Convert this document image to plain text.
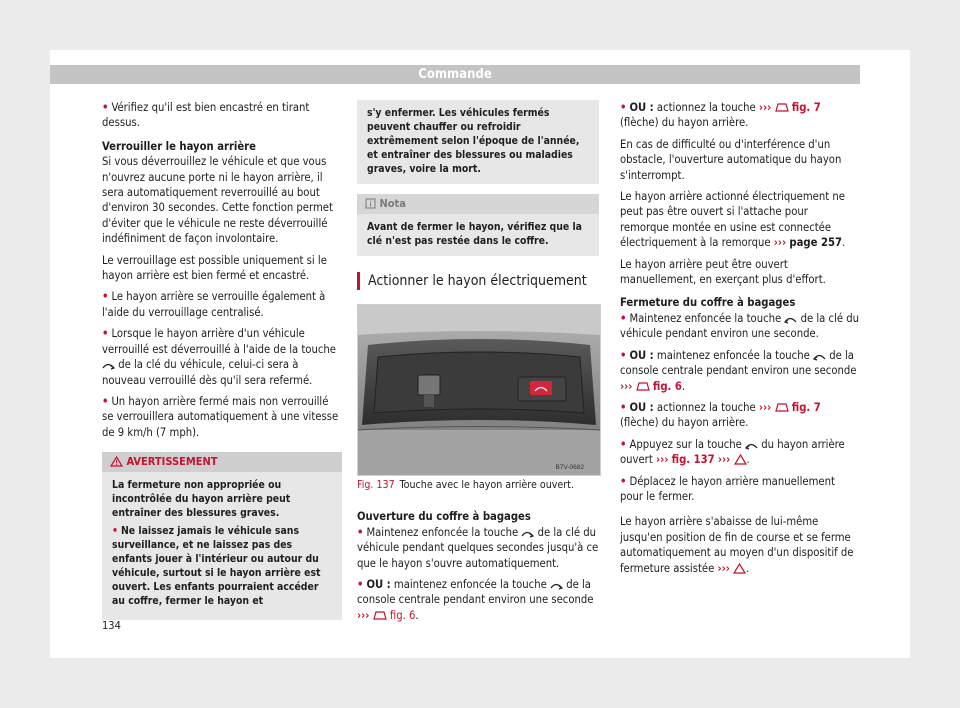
Commande

• Vérifiez qu'il est bien encastré en tirant dessus.

Verrouiller le hayon arrière

Si vous déverrouillez le véhicule et que vous n'ouvrez aucune porte ni le hayon arrière, il sera automatiquement reverrouillé au bout d'environ 30 secondes. Cette fonction permet d'éviter que le véhicule ne reste déverrouillé indéfiniment de façon involontaire.

Le verrouillage est possible uniquement si le hayon arrière est bien fermé et encastré.

• Le hayon arrière se verrouille également à l'aide du verrouillage centralisé.

• Lorsque le hayon arrière d'un véhicule verrouillé est déverrouillé à l'aide de la touche  de la clé du véhicule, celui-ci sera à nouveau verrouillé dès qu'il sera refermé.

• Un hayon arrière fermé mais non verrouillé se verrouillera automatiquement à une vitesse de 9 km/h (7 mph).

AVERTISSEMENT

La fermeture non appropriée ou incontrôlée du hayon arrière peut entraîner des blessures graves.

• Ne laissez jamais le véhicule sans surveillance, et ne laissez pas des enfants jouer à l'intérieur ou autour du véhicule, surtout si le hayon arrière est ouvert. Les enfants pourraient accéder au coffre, fermer le hayon et

s'y enfermer. Les véhicules fermés peuvent chauffer ou refroidir extrêmement selon l'époque de l'année, et entraîner des blessures ou maladies graves, voire la mort.
Nota
Avant de fermer le hayon, vérifiez que la clé n'est pas restée dans le coffre.
Actionner le hayon électriquement
B7V-0682
Fig. 137 Touche avec le hayon arrière ouvert.

Ouverture du coffre à bagages

• Maintenez enfoncée la touche de la clé du véhicule pendant quelques secondes jusqu'à ce que le hayon s'ouvre automatiquement.

• OU : maintenez enfoncée la touche de la console centrale pendant environ une seconde ››› fig. 6.

• OU : actionnez la touche ››› fig. 7 (flèche) du hayon arrière.

En cas de difficulté ou d'interférence d'un obstacle, l'ouverture automatique du hayon s'interrompt.

Le hayon arrière actionné électriquement ne peut pas être ouvert si l'attache pour remorque montée en usine est connectée électriquement à la remorque ››› page 257.

Le hayon arrière peut être ouvert manuellement, en exerçant plus d'effort.

Fermeture du coffre à bagages

• Maintenez enfoncée la touche de la clé du véhicule pendant environ une seconde.

• OU : maintenez enfoncée la touche de la console centrale pendant environ une seconde ››› fig. 6.

• OU : actionnez la touche ››› fig. 7 (flèche) du hayon arrière.

• Appuyez sur la touche du hayon arrière ouvert ››› fig. 137 ››› .

• Déplacez le hayon arrière manuellement pour le fermer.

Le hayon arrière s'abaisse de lui-même jusqu'en position de fin de course et se ferme automatiquement au moyen d'un dispositif de fermeture assistée ››› .

134
